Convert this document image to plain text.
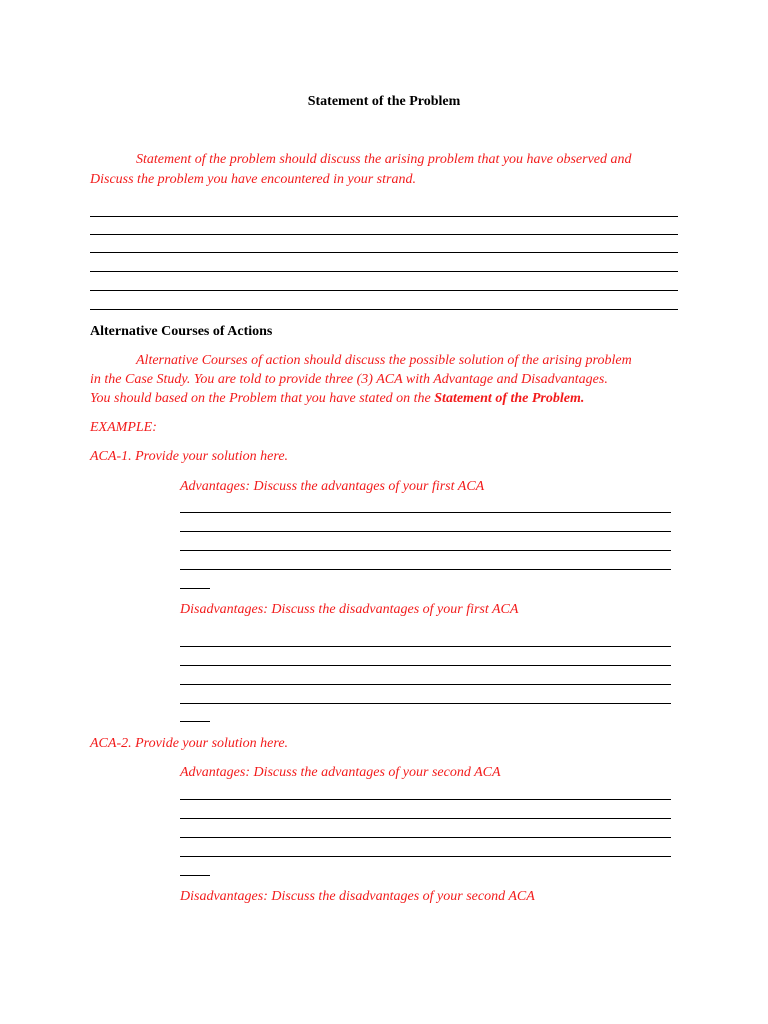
Statement of the Problem
Statement of the problem should discuss the arising problem that you have observed and
Discuss the problem you have encountered in your strand.
Alternative Courses of Actions
Alternative Courses of action should discuss the possible solution of the arising problem
in the Case Study. You are told to provide three (3) ACA with Advantage and Disadvantages.
You should based on the Problem that you have stated on the Statement of the Problem.
EXAMPLE:
ACA-1. Provide your solution here.
Advantages: Discuss the advantages of your first ACA
Disadvantages: Discuss the disadvantages of your first ACA
ACA-2. Provide your solution here.
Advantages: Discuss the advantages of your second ACA
Disadvantages: Discuss the disadvantages of your second ACA
